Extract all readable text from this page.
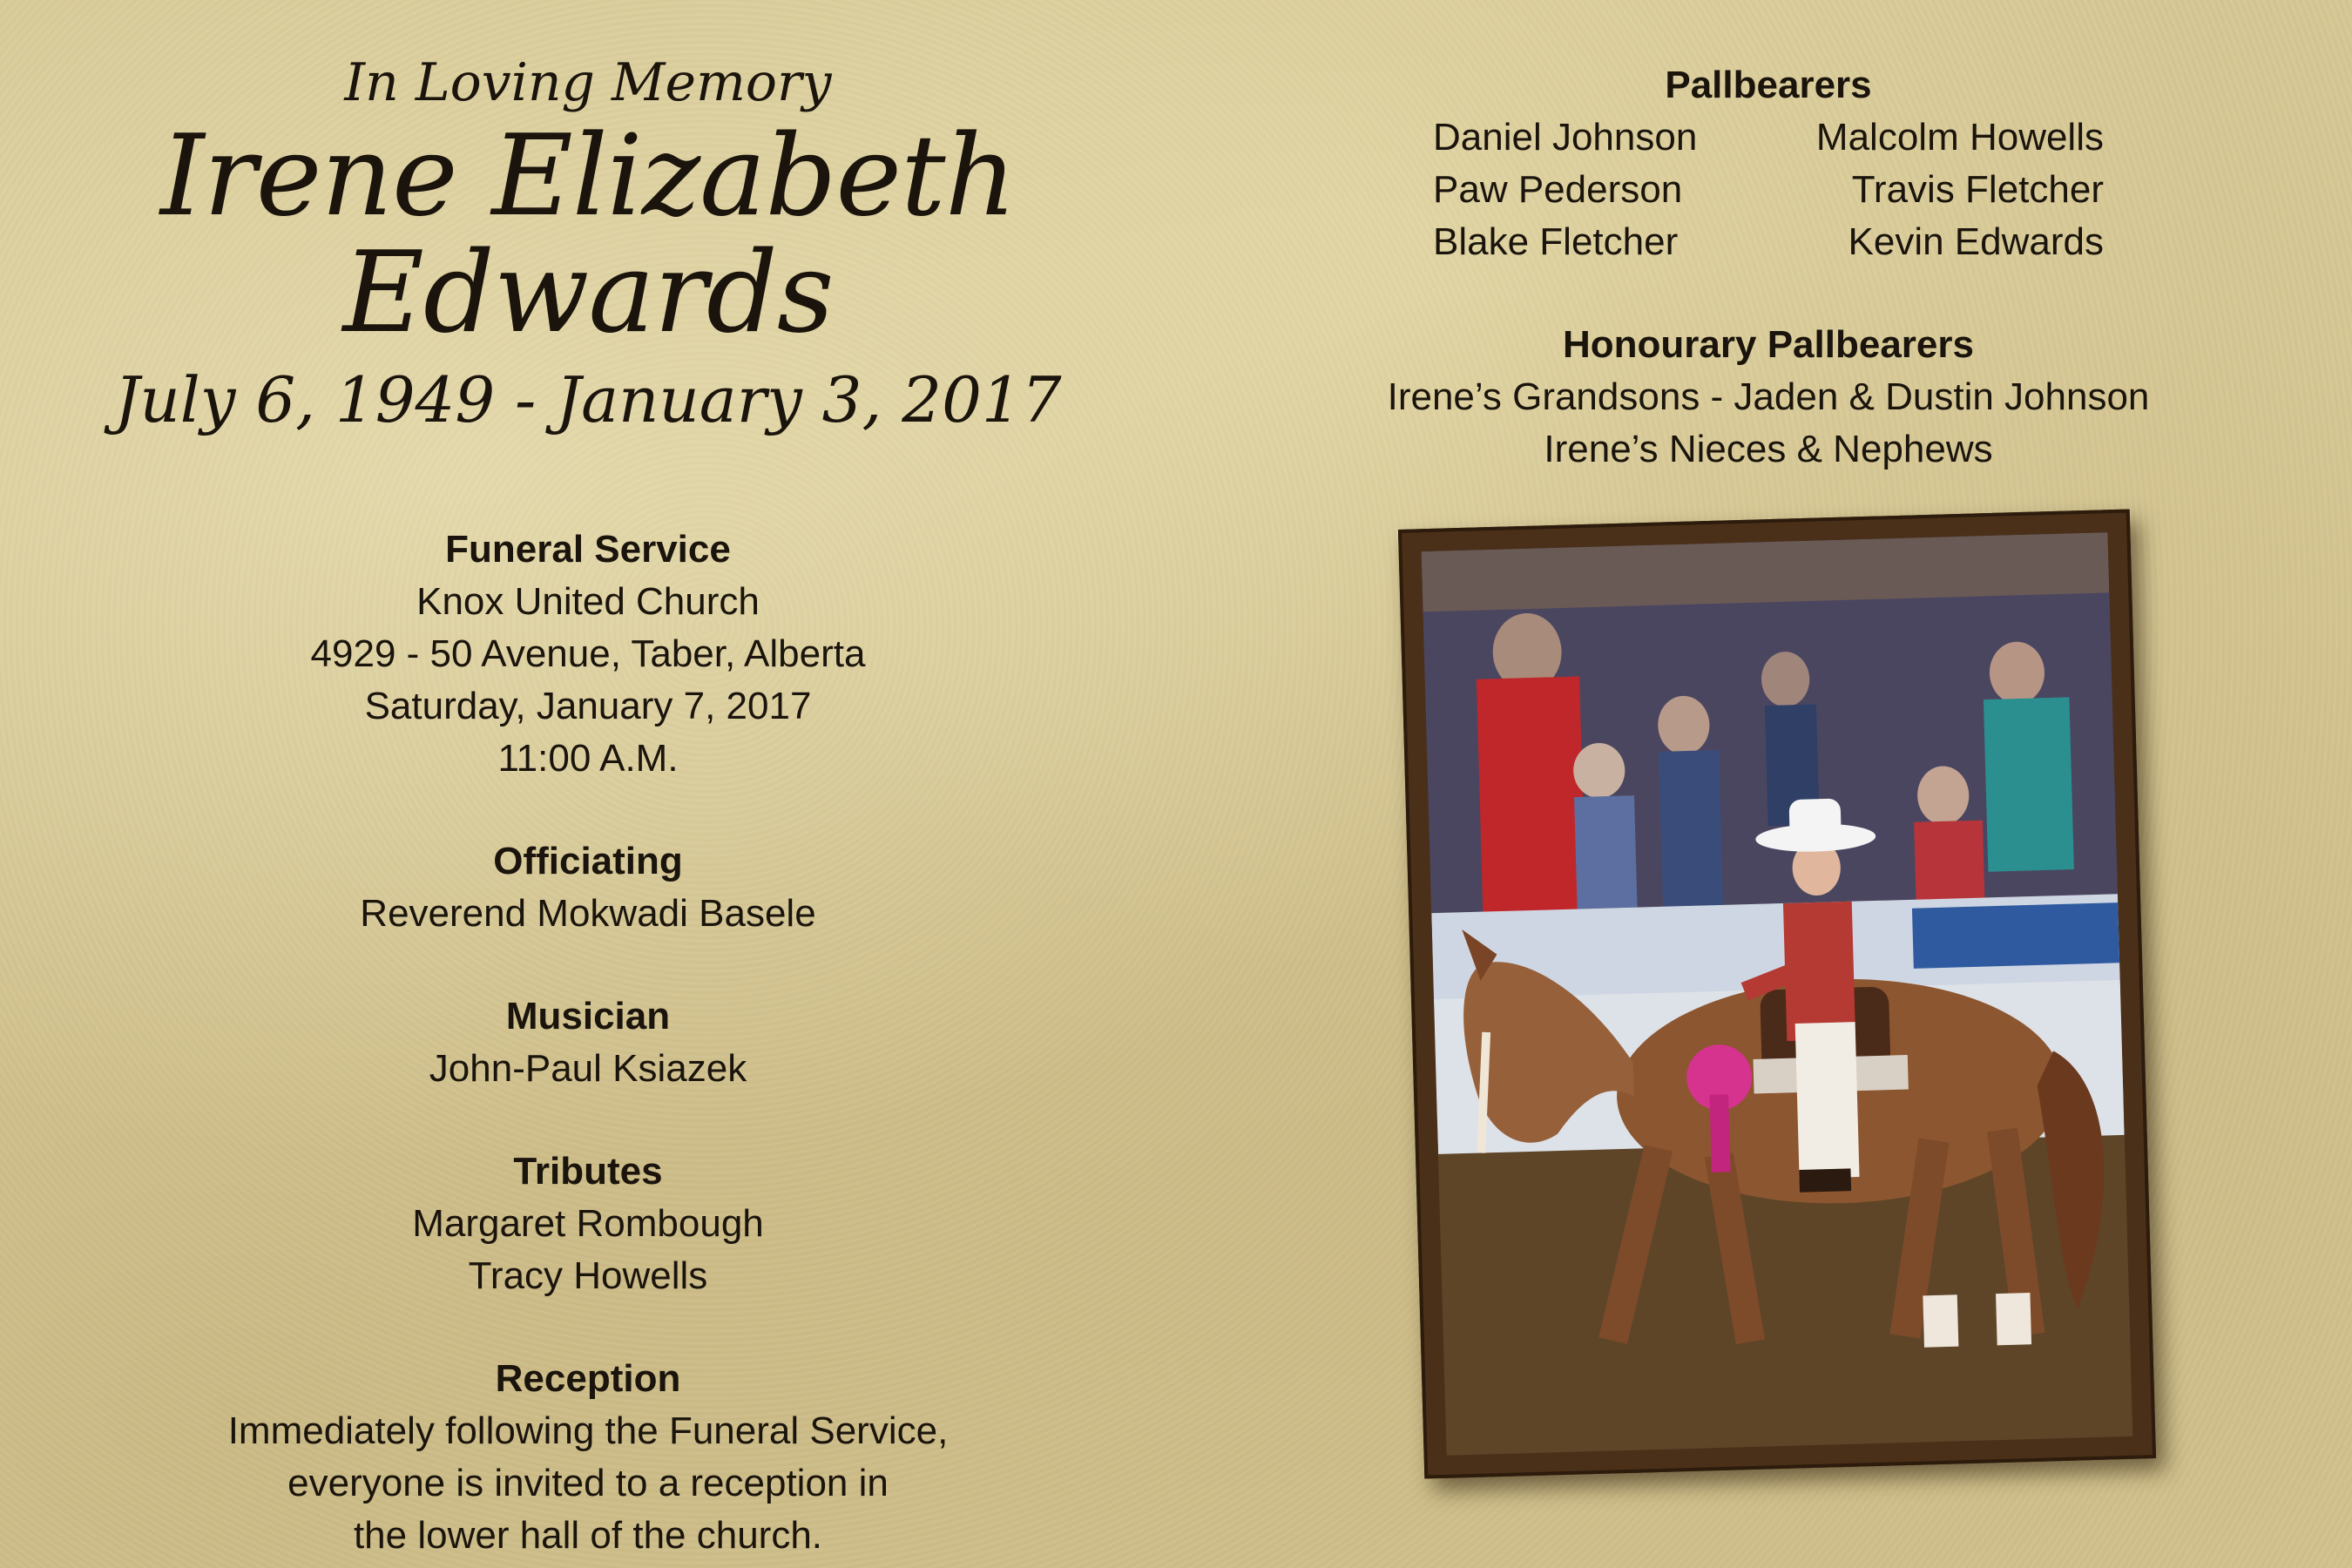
In Loving Memory
Irene Elizabeth Edwards
July 6, 1949 - January 3, 2017
Funeral Service
Knox United Church
4929 - 50 Avenue, Taber, Alberta
Saturday, January 7, 2017
11:00 A.M.
Officiating
Reverend Mokwadi Basele
Musician
John-Paul Ksiazek
Tributes
Margaret Rombough
Tracy Howells
Reception
Immediately following the Funeral Service,
everyone is invited to a reception in
the lower hall of the church.
Pallbearers
Daniel Johnson	Malcolm Howells
Paw Pederson	Travis Fletcher
Blake Fletcher	Kevin Edwards
Honourary Pallbearers
Irene’s Grandsons - Jaden & Dustin Johnson
Irene’s Nieces & Nephews
